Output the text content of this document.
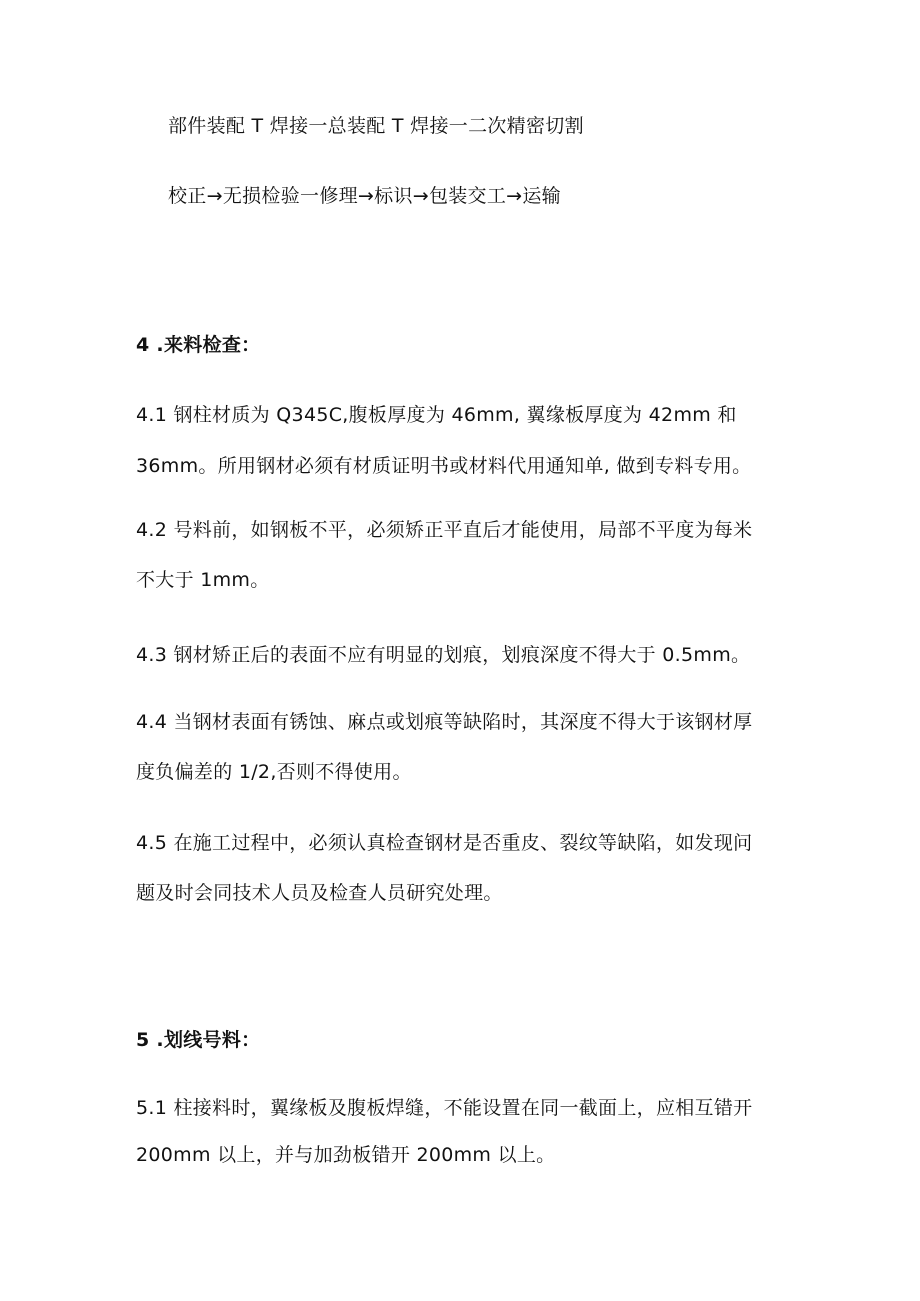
部件装配 T 焊接一总装配 T 焊接一二次精密切割
校正→无损检验一修理→标识→包装交工→运输
4 .来料检查：
4.1 钢柱材质为 Q345C,腹板厚度为 46mm, 翼缘板厚度为 42mm 和
36mm。所用钢材必须有材质证明书或材料代用通知单, 做到专料专用。
4.2 号料前，如钢板不平，必须矫正平直后才能使用，局部不平度为每米
不大于 1mm。
4.3 钢材矫正后的表面不应有明显的划痕，划痕深度不得大于 0.5mm。
4.4 当钢材表面有锈蚀、麻点或划痕等缺陷时，其深度不得大于该钢材厚
度负偏差的 1/2,否则不得使用。
4.5 在施工过程中，必须认真检查钢材是否重皮、裂纹等缺陷，如发现问
题及时会同技术人员及检查人员研究处理。
5 .划线号料：
5.1 柱接料时，翼缘板及腹板焊缝，不能设置在同一截面上，应相互错开
200mm 以上，并与加劲板错开 200mm 以上。
